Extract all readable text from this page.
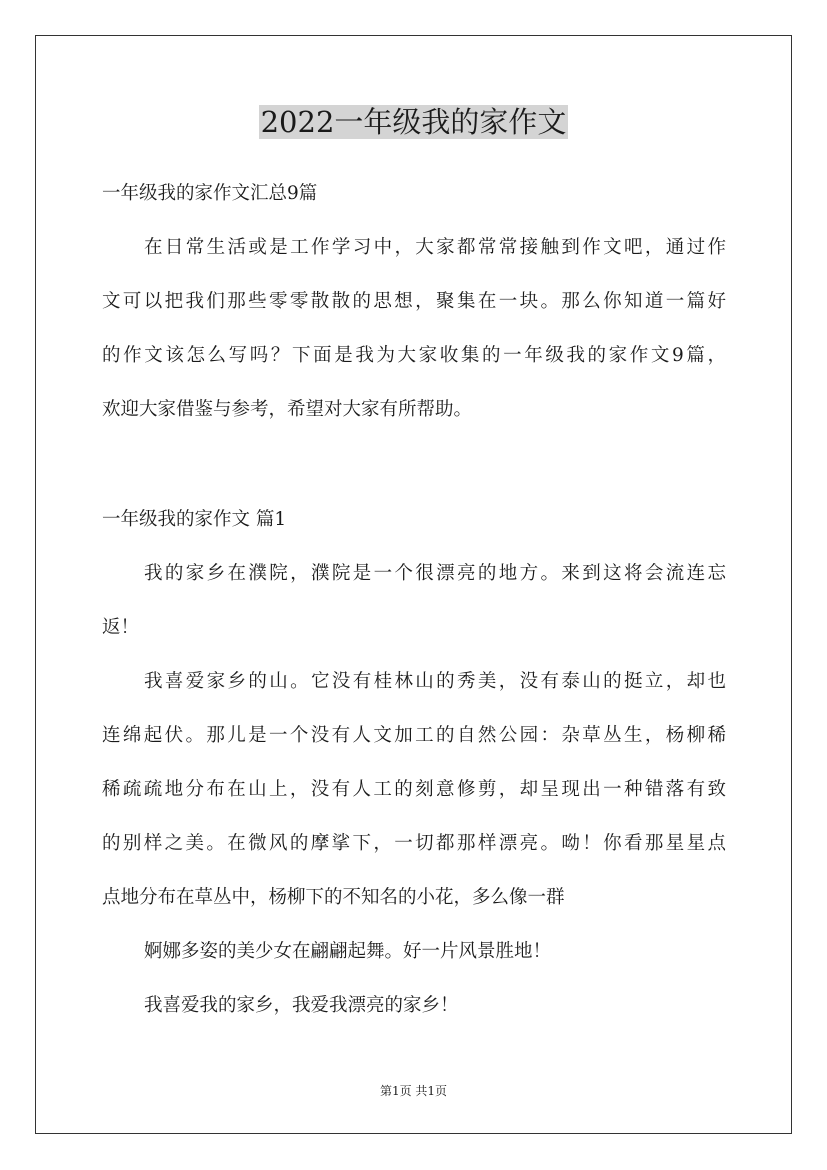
2022一年级我的家作文
一年级我的家作文汇总9篇
在日常生活或是工作学习中，大家都常常接触到作文吧，通过作
文可以把我们那些零零散散的思想，聚集在一块。那么你知道一篇好
的作文该怎么写吗？下面是我为大家收集的一年级我的家作文9篇，
欢迎大家借鉴与参考，希望对大家有所帮助。
一年级我的家作文 篇1
我的家乡在濮院，濮院是一个很漂亮的地方。来到这将会流连忘
返！
我喜爱家乡的山。它没有桂林山的秀美，没有泰山的挺立，却也
连绵起伏。那儿是一个没有人文加工的自然公园：杂草丛生，杨柳稀
稀疏疏地分布在山上，没有人工的刻意修剪，却呈现出一种错落有致
的别样之美。在微风的摩挲下，一切都那样漂亮。呦！你看那星星点
点地分布在草丛中，杨柳下的不知名的小花，多么像一群
婀娜多姿的美少女在翩翩起舞。好一片风景胜地！
我喜爱我的家乡，我爱我漂亮的家乡！
第1页 共1页
